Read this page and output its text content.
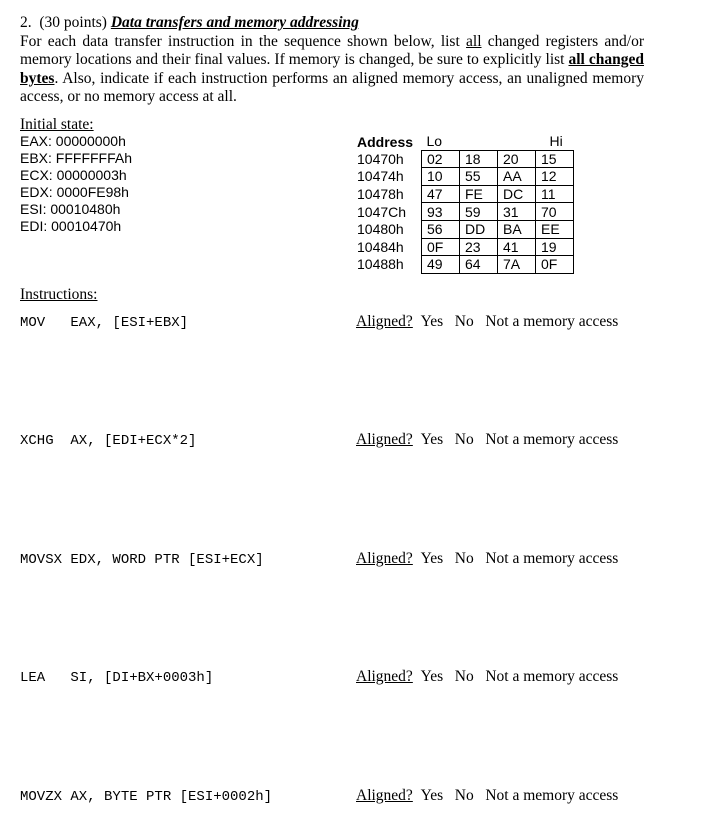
2. (30 points) Data transfers and memory addressing

For each data transfer instruction in the sequence shown below, list all changed registers and/or memory locations and their final values. If memory is changed, be sure to explicitly list all changed bytes. Also, indicate if each instruction performs an aligned memory access, an unaligned memory access, or no memory access at all.

Initial state:
EAX: 00000000h
EBX: FFFFFFFAh
ECX: 00000003h
EDX: 0000FE98h
ESI: 00010480h
EDI: 00010470h
Address	Lo			Hi
10470h	02	18	20	15
10474h	10	55	AA	12
10478h	47	FE	DC	11
1047Ch	93	59	31	70
10480h	56	DD	BA	EE
10484h	0F	23	41	19
10488h	49	64	7A	0F
Instructions:
MOV   EAX, [ESI+EBX]	Aligned? Yes No Not a memory access
XCHG  AX, [EDI+ECX*2]	Aligned? Yes No Not a memory access
MOVSX EDX, WORD PTR [ESI+ECX]	Aligned? Yes No Not a memory access
LEA   SI, [DI+BX+0003h]	Aligned? Yes No Not a memory access
MOVZX AX, BYTE PTR [ESI+0002h]	Aligned? Yes No Not a memory access
